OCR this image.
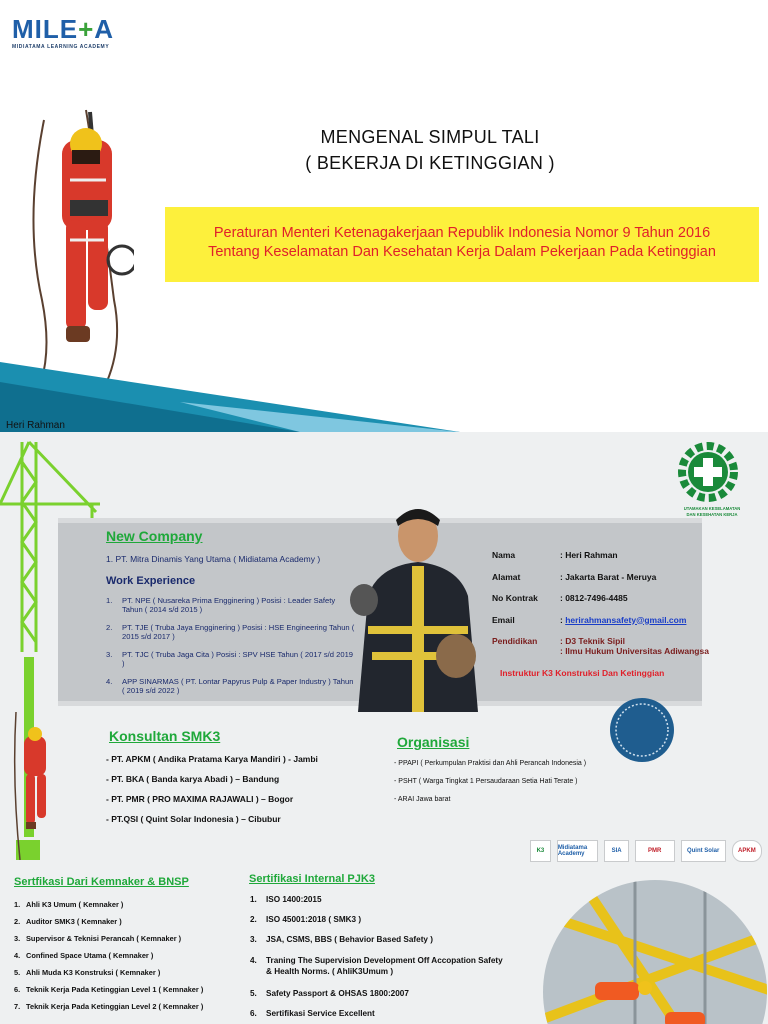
MILE+A
MIDIATAMA LEARNING ACADEMY
MENGENAL SIMPUL TALI
( BEKERJA DI KETINGGIAN )
Peraturan Menteri Ketenagakerjaan Republik Indonesia Nomor 9 Tahun 2016
Tentang Keselamatan Dan Kesehatan Kerja Dalam Pekerjaan Pada Ketinggian
Heri Rahman
UTAMAKAN KESELAMATAN
DAN KESEHATAN KERJA
New Company
1. PT. Mitra Dinamis Yang Utama ( Midiatama Academy )
Work Experience
1.	PT. NPE ( Nusareka Prima Engginering ) Posisi : Leader Safety Tahun ( 2014 s/d 2015 )
2.	PT. TJE ( Truba Jaya Engginering ) Posisi : HSE Engineering Tahun ( 2015 s/d 2017 )
3.	PT. TJC ( Truba Jaga Cita ) Posisi : SPV HSE Tahun ( 2017 s/d 2019 )
4.	APP SINARMAS ( PT. Lontar Papyrus Pulp & Paper Industry ) Tahun ( 2019 s/d 2022 )
Nama	: Heri Rahman
Alamat	: Jakarta Barat - Meruya
No Kontrak	: 0812-7496-4485
Email	: herirahmansafety@gmail.com
Pendidikan	: D3 Teknik Sipil
: Ilmu Hukum Universitas Adiwangsa
Instruktur K3 Konstruksi Dan Ketinggian
Konsultan SMK3
- PT. APKM ( Andika Pratama Karya Mandiri ) - Jambi
- PT. BKA ( Banda karya Abadi ) – Bandung
- PT. PMR ( PRO MAXIMA RAJAWALI ) – Bogor
- PT.QSI ( Quint Solar Indonesia ) – Cibubur
Organisasi
- PPAPI ( Perkumpulan Praktisi dan Ahli Perancah Indonesia )
- PSHT ( Warga Tingkat 1 Persaudaraan Setia Hati Terate )
- ARAI Jawa barat
K3	Midiatama Academy	SIA	PMR	Quint Solar	APKM
Sertfikasi Dari Kemnaker & BNSP
1. Ahli K3 Umum ( Kemnaker )
2. Auditor SMK3 ( Kemnaker )
3. Supervisor & Teknisi Perancah ( Kemnaker )
4. Confined Space Utama ( Kemnaker )
5. Ahli Muda K3 Konstruksi ( Kemnaker )
6. Teknik Kerja Pada Ketinggian Level 1 ( Kemnaker )
7. Teknik Kerja Pada Ketinggian Level 2 ( Kemnaker )
Sertifikasi Internal PJK3
1.	ISO 1400:2015
2.	ISO 45001:2018 ( SMK3 )
3.	JSA, CSMS, BBS ( Behavior Based Safety )
4.	Traning The Supervision Development Off Accopation Safety & Health Norms. ( AhliK3Umum )
5.	Safety Passport & OHSAS 1800:2007
6.	Sertifikasi Service Excellent
